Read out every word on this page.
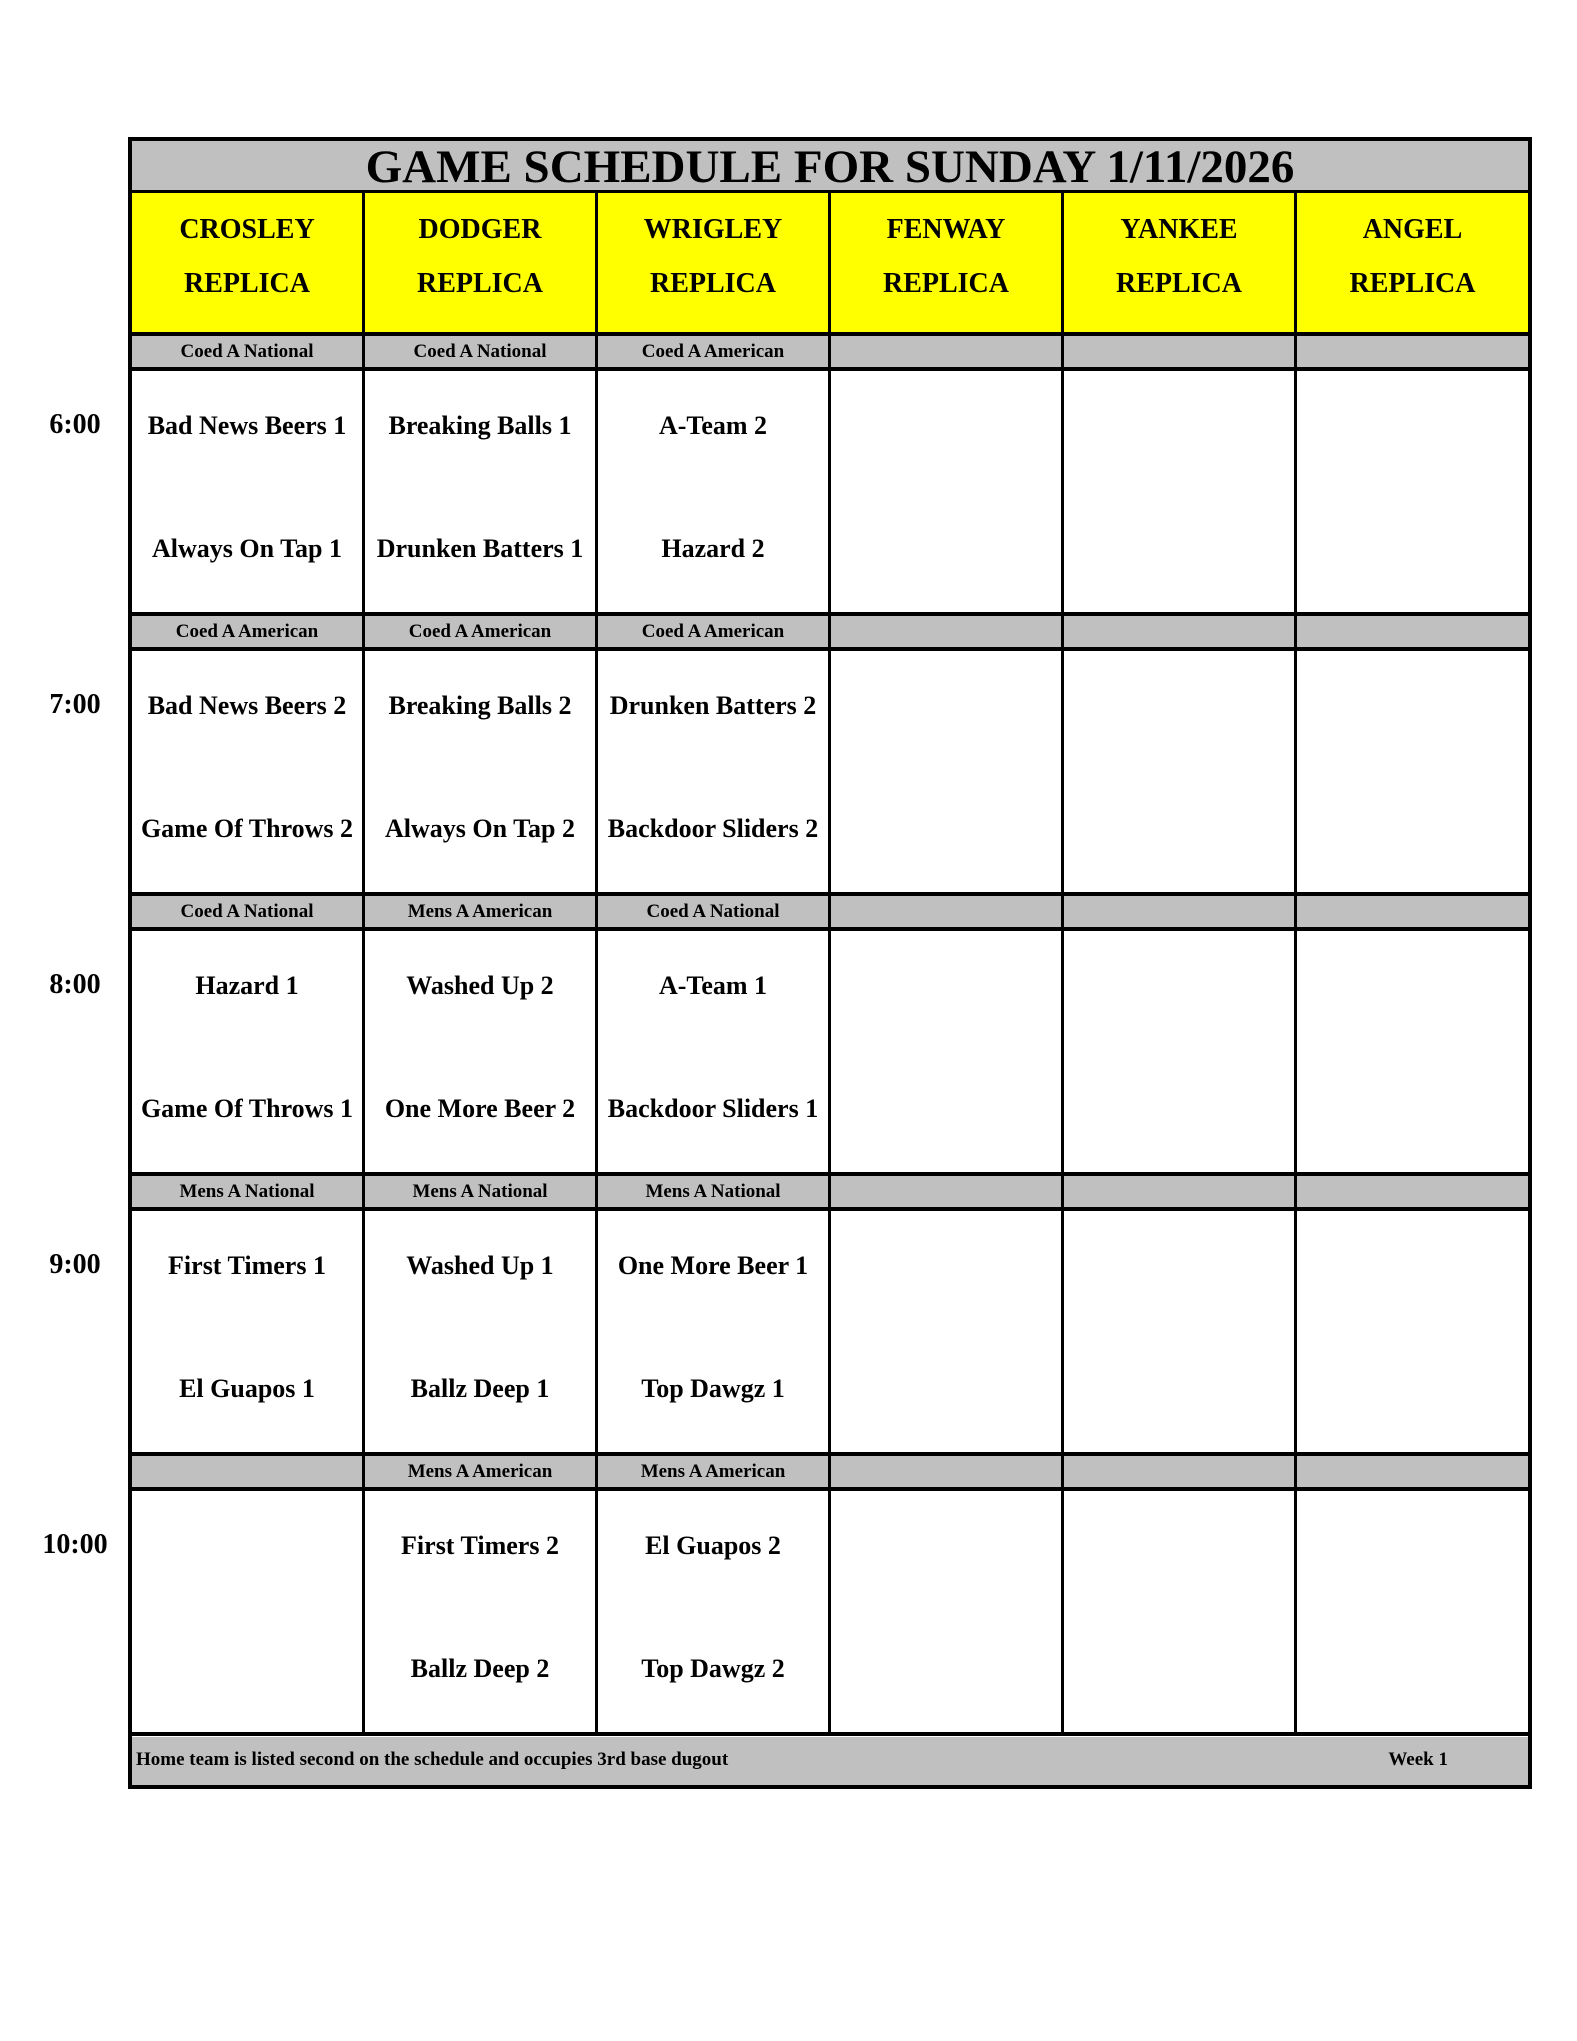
GAME SCHEDULE FOR SUNDAY 1/11/2026
CROSLEY
REPLICA
DODGER
REPLICA
WRIGLEY
REPLICA
FENWAY
REPLICA
YANKEE
REPLICA
ANGEL
REPLICA
Coed A National
Bad News Beers 1
Always On Tap 1
Coed A National
Breaking Balls 1
Drunken Batters 1
Coed A American
A-Team 2
Hazard 2
Coed A American
Bad News Beers 2
Game Of Throws 2
Coed A American
Breaking Balls 2
Always On Tap 2
Coed A American
Drunken Batters 2
Backdoor Sliders 2
Coed A National
Hazard 1
Game Of Throws 1
Mens A American
Washed Up 2
One More Beer 2
Coed A National
A-Team 1
Backdoor Sliders 1
Mens A National
First Timers 1
El Guapos 1
Mens A National
Washed Up 1
Ballz Deep 1
Mens A National
One More Beer 1
Top Dawgz 1
Mens A American
First Timers 2
Ballz Deep 2
Mens A American
El Guapos 2
Top Dawgz 2
Home team is listed second on the schedule and occupies 3rd base dugout	Week 1
6:00
7:00
8:00
9:00
10:00
